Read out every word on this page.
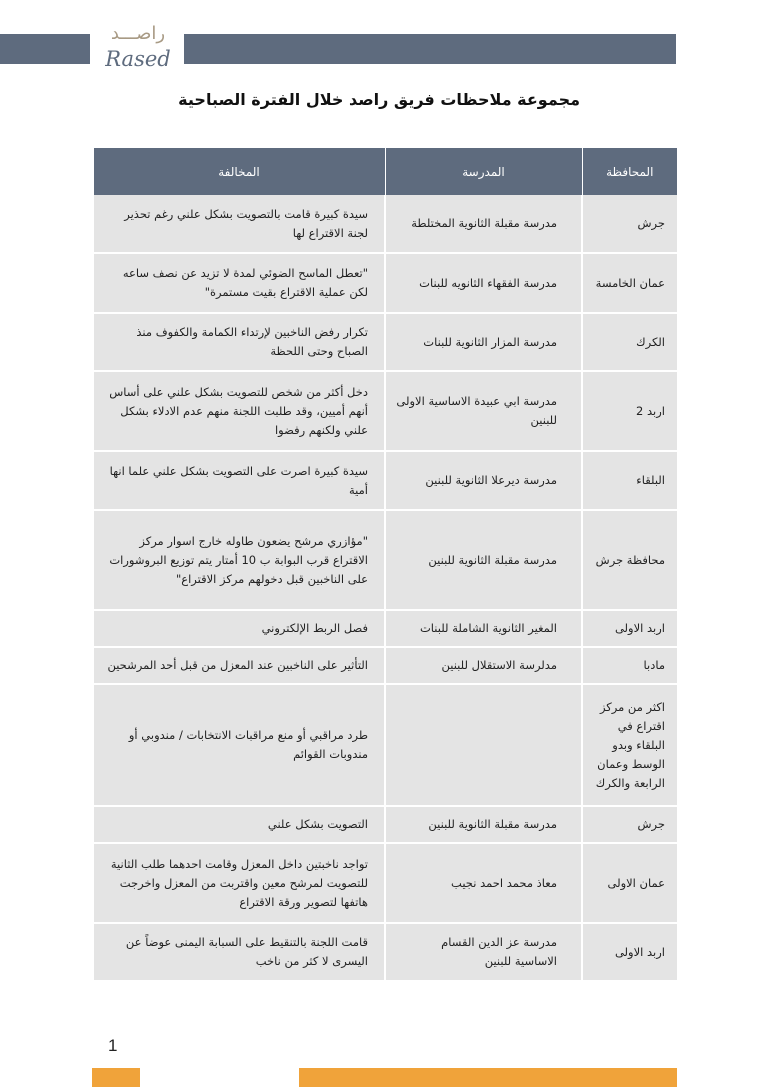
راصـــد
Rased
مجموعة ملاحظات فريق راصد خلال الفترة الصباحية
المحافظة	المدرسة	المخالفة
جرش	مدرسة مقبلة الثانوية المختلطة	سيدة كبيرة قامت بالتصويت بشكل علني رغم تحذير لجنة الاقتراع لها
عمان الخامسة	مدرسة الفقهاء الثانويه للبنات	"تعطل الماسح الضوئي لمدة لا تزيد عن نصف ساعه لكن عملية الاقتراع بقيت مستمرة"
الكرك	مدرسة المزار الثانوية للبنات	تكرار رفض الناخبين لإرتداء الكمامة والكفوف منذ الصباح وحتى اللحظة
اربد 2	مدرسة ابي عبيدة الاساسية الاولى للبنين	دخل أكثر من شخص للتصويت بشكل علني على أساس أنهم أميين، وقد طلبت اللجنة منهم عدم الادلاء بشكل علني ولكنهم رفضوا
البلقاء	مدرسة ديرعلا الثانوية للبنين	سيدة كبيرة اصرت على التصويت بشكل علني علما انها أمية
محافظة جرش	مدرسة مقبلة الثانوية للبنين	"مؤازري مرشح يضعون طاوله خارج اسوار مركز الاقتراع قرب البوابة ب 10 أمتار يتم توزيع البروشورات على الناخبين قبل دخولهم مركز الاقتراع"
اربد الاولى	المغير الثانوية الشاملة للبنات	فصل الربط الإلكتروني
مادبا	مدلرسة الاستقلال للبنين	التأثير على الناخبين عند المعزل من قبل أحد المرشحين
اكثر من مركز اقتراع في البلقاء وبدو الوسط وعمان الرابعة والكرك		طرد مراقبي أو منع مراقبات الانتخابات / مندوبي أو مندوبات القوائم
جرش	مدرسة مقبلة الثانوية للبنين	التصويت بشكل علني
عمان الاولى	معاذ محمد احمد نجيب	تواجد ناخبتين داخل المعزل وقامت احدهما طلب الثانية للتصويت لمرشح معين واقتربت من المعزل واخرجت هاتفها لتصوير ورقة الاقتراع
اربد الاولى	مدرسة عز الدين القسام الاساسية للبنين	قامت اللجنة بالتنقيط على السبابة اليمنى عوضاً عن اليسرى لا كثر من ناخب
1
